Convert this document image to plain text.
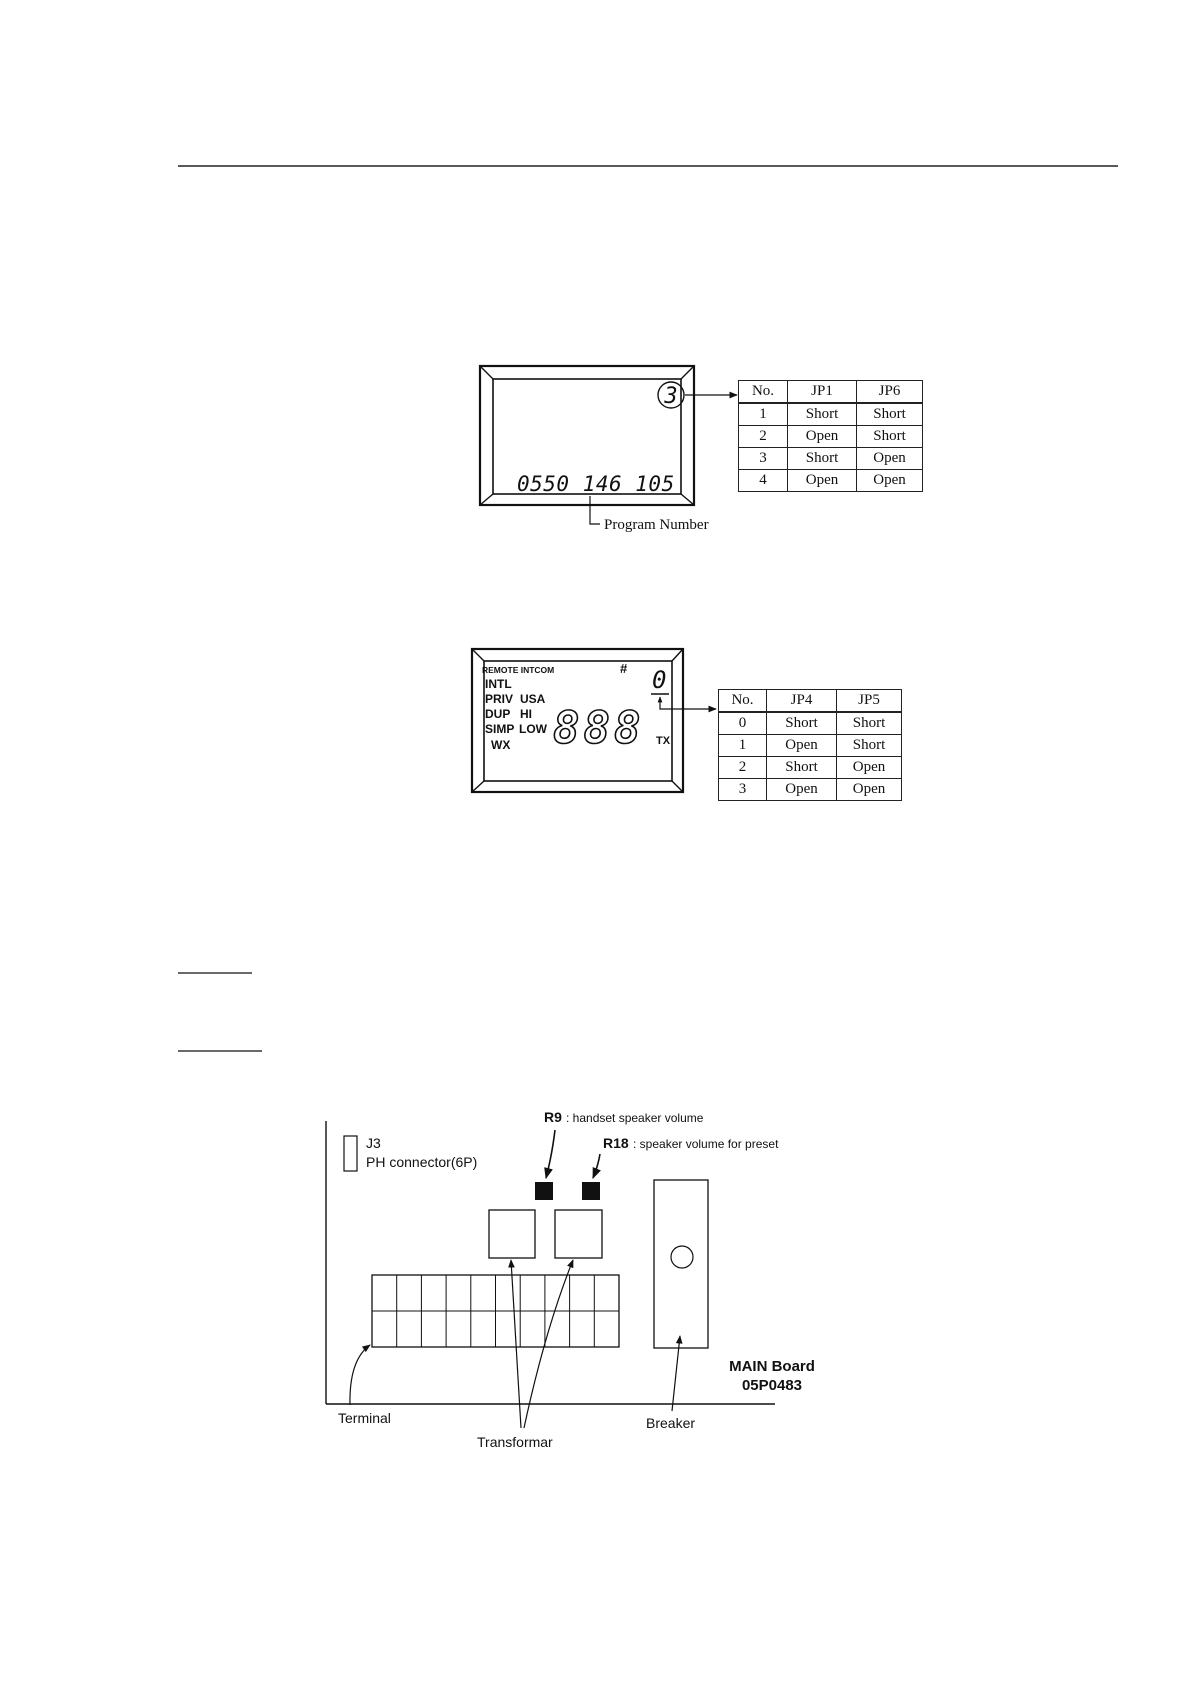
3
0550 146 105
Program Number
REMOTE INTCOM
INTL
PRIV USA
DUP HI
SIMP LOW
WX
# 0
888 TX
J3
PH connector(6P)
R9 : handset speaker volume
R18 : speaker volume for preset
MAIN Board
05P0483
Terminal
Transformar
Breaker
No.	JP1	JP6
1	Short	Short
2	Open	Short
3	Short	Open
4	Open	Open
No.	JP4	JP5
0	Short	Short
1	Open	Short
2	Short	Open
3	Open	Open
